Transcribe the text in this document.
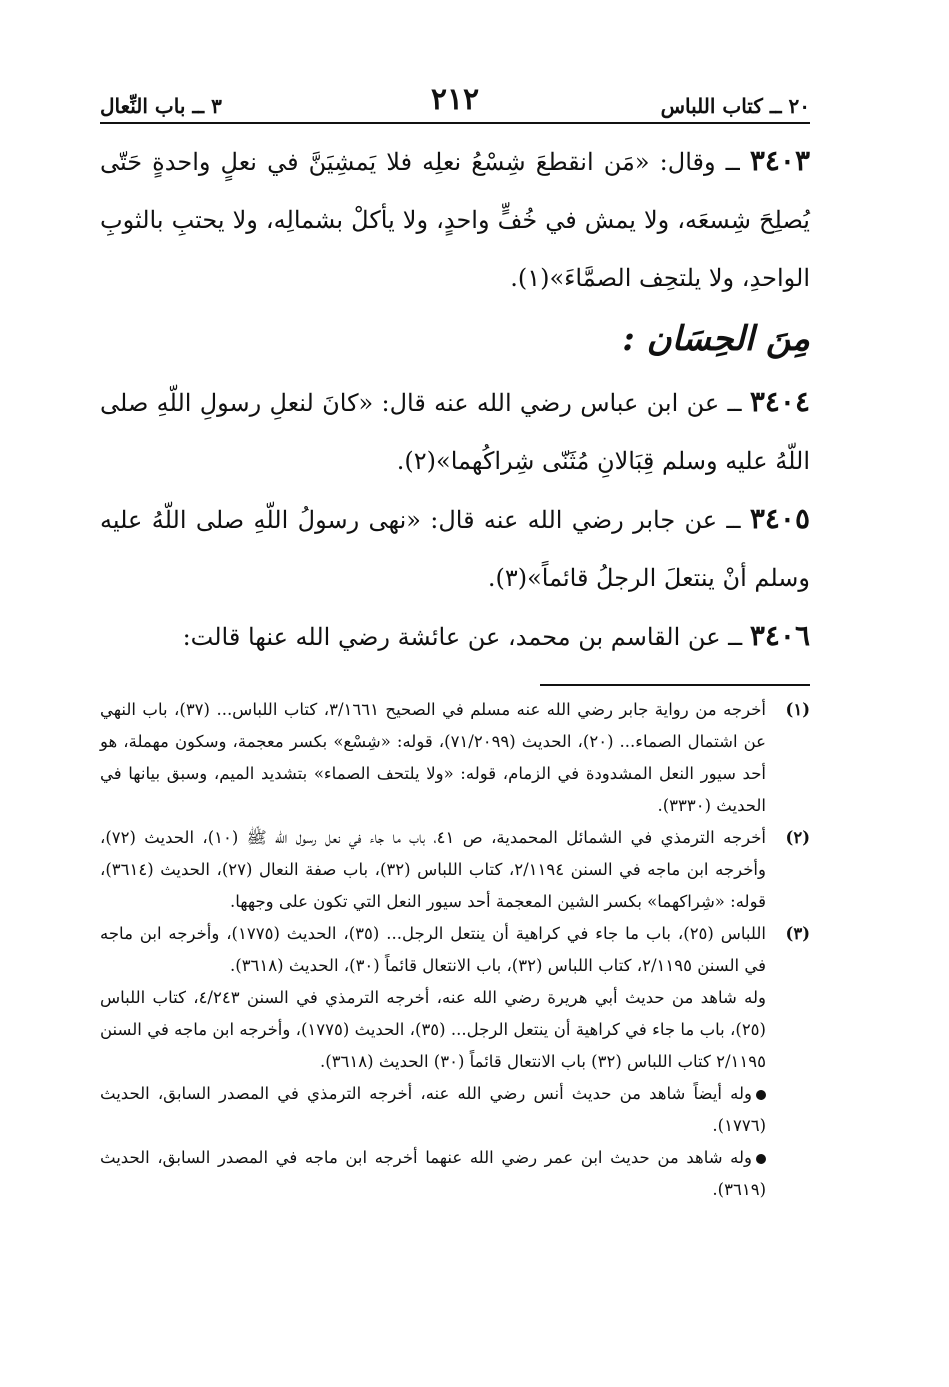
٢٠ ــ كتاب اللباس
٢١٢
٣ ــ باب النِّعال

٣٤٠٣ ــ وقال: «مَن انقطعَ شِسْعُ نعلِه فلا يَمشِيَنَّ في نعلٍ واحدةٍ حَتّى يُصلِحَ شِسعَه، ولا يمش في خُفٍّ واحدٍ، ولا يأكلْ بشمالِه، ولا يحتبِ بالثوبِ الواحدِ، ولا يلتحِف الصمَّاءَ»(١).

مِنَ الحِسَان :

٣٤٠٤ ــ عن ابن عباس رضي الله عنه قال: «كانَ لنعلِ رسولِ اللّهِ صلى اللّهُ عليه وسلم قِبَالانِ مُثَنّى شِراكُهما»(٢).

٣٤٠٥ ــ عن جابر رضي الله عنه قال: «نهى رسولُ اللّهِ صلى اللّهُ عليه وسلم أنْ ينتعلَ الرجلُ قائماً»(٣).

٣٤٠٦ ــ عن القاسم بن محمد، عن عائشة رضي الله عنها قالت:

(١)

أخرجه من رواية جابر رضي الله عنه مسلم في الصحيح ٣/١٦٦١، كتاب اللباس... (٣٧)، باب النهي عن اشتمال الصماء... (٢٠)، الحديث (٧١/٢٠٩٩)، قوله: «شِسْع» بكسر معجمة، وسكون مهملة، هو أحد سيور النعل المشدودة في الزمام، قوله: «ولا يلتحف الصماء» بتشديد الميم، وسبق بيانها في الحديث (٣٣٣٠).

(٢)

أخرجه الترمذي في الشمائل المحمدية، ص ٤١، باب ما جاء في نعل رسول الله ﷺ (١٠)، الحديث (٧٢)، وأخرجه ابن ماجه في السنن ٢/١١٩٤، كتاب اللباس (٣٢)، باب صفة النعال (٢٧)، الحديث (٣٦١٤)، قوله: «شِراكهما» بكسر الشين المعجمة أحد سيور النعل التي تكون على وجهها.

(٣)

اللباس (٢٥)، باب ما جاء في كراهية أن ينتعل الرجل... (٣٥)، الحديث (١٧٧٥)، وأخرجه ابن ماجه في السنن ٢/١١٩٥، كتاب اللباس (٣٢)، باب الانتعال قائماً (٣٠)، الحديث (٣٦١٨).

وله شاهد من حديث أبي هريرة رضي الله عنه، أخرجه الترمذي في السنن ٤/٢٤٣، كتاب اللباس (٢٥)، باب ما جاء في كراهية أن ينتعل الرجل... (٣٥)، الحديث (١٧٧٥)، وأخرجه ابن ماجه في السنن ٢/١١٩٥ كتاب اللباس (٣٢) باب الانتعال قائماً (٣٠) الحديث (٣٦١٨).

وله أيضاً شاهد من حديث أنس رضي الله عنه، أخرجه الترمذي في المصدر السابق، الحديث (١٧٧٦).

وله شاهد من حديث ابن عمر رضي الله عنهما أخرجه ابن ماجه في المصدر السابق، الحديث (٣٦١٩).
